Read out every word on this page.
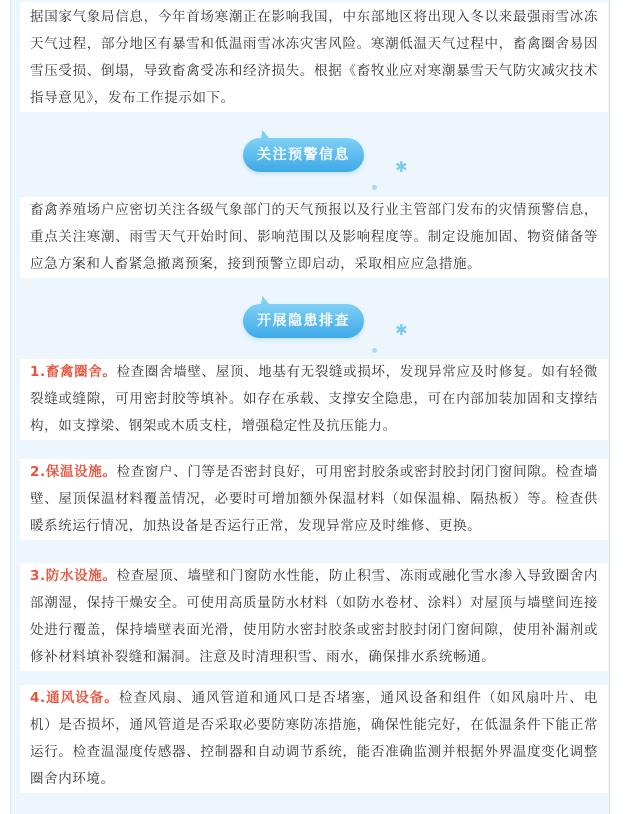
据国家气象局信息，今年首场寒潮正在影响我国，中东部地区将出现入冬以来最强雨雪冰冻天气过程，部分地区有暴雪和低温雨雪冰冻灾害风险。寒潮低温天气过程中，畜禽圈舍易因雪压受损、倒塌，导致畜禽受冻和经济损失。根据《畜牧业应对寒潮暴雪天气防灾减灾技术指导意见》，发布工作提示如下。

关注预警信息
✱

畜禽养殖场户应密切关注各级气象部门的天气预报以及行业主管部门发布的灾情预警信息，重点关注寒潮、雨雪天气开始时间、影响范围以及影响程度等。制定设施加固、物资储备等应急方案和人畜紧急撤离预案，接到预警立即启动，采取相应应急措施。

开展隐患排查	✱

1.畜禽圈舍。检查圈舍墙壁、屋顶、地基有无裂缝或损坏，发现异常应及时修复。如有轻微裂缝或缝隙，可用密封胶等填补。如存在承载、支撑安全隐患，可在内部加装加固和支撑结构，如支撑梁、钢架或木质支柱，增强稳定性及抗压能力。

2.保温设施。检查窗户、门等是否密封良好，可用密封胶条或密封胶封闭门窗间隙。检查墙壁、屋顶保温材料覆盖情况，必要时可增加额外保温材料（如保温棉、隔热板）等。检查供暖系统运行情况，加热设备是否运行正常，发现异常应及时维修、更换。

3.防水设施。检查屋顶、墙壁和门窗防水性能，防止积雪、冻雨或融化雪水渗入导致圈舍内部潮湿，保持干燥安全。可使用高质量防水材料（如防水卷材、涂料）对屋顶与墙壁间连接处进行覆盖，保持墙壁表面光滑，使用防水密封胶条或密封胶封闭门窗间隙，使用补漏剂或修补材料填补裂缝和漏洞。注意及时清理积雪、雨水，确保排水系统畅通。

4.通风设备。检查风扇、通风管道和通风口是否堵塞，通风设备和组件（如风扇叶片、电机）是否损坏，通风管道是否采取必要防寒防冻措施，确保性能完好，在低温条件下能正常运行。检查温湿度传感器、控制器和自动调节系统，能否准确监测并根据外界温度变化调整圈舍内环境。
